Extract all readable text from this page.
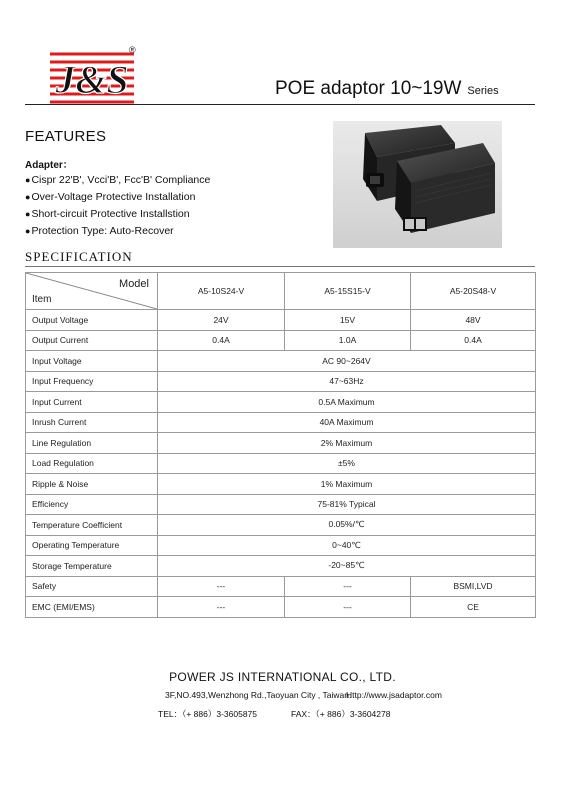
J&S
®
POE adaptor 10~19W Series
FEATURES
Adapter：
●Cispr 22'B', Vcci'B', Fcc'B' Compliance
●Over-Voltage Protective Installation
●Short-circuit Protective Installstion
●Protection Type: Auto-Recover
SPECIFICATION
Model
Item	A5-10S24-V	A5-15S15-V	A5-20S48-V
Output Voltage	24V	15V	48V
Output Current	0.4A	1.0A	0.4A
Input Voltage	AC 90~264V		
Input Frequency	47~63Hz		
Input Current	0.5A Maximum		
Inrush Current	40A Maximum		
Line Regulation	2% Maximum		
Load Regulation	±5%		
Ripple & Noise	1% Maximum		
Efficiency	75-81% Typical		
Temperature Coefficient	0.05%/℃		
Operating Temperature	0~40℃		
Storage Temperature	-20~85℃		
Safety	---	---	BSMI,LVD
EMC (EMI/EMS)	---	---	CE
POWER JS INTERNATIONAL CO., LTD.
3F,NO.493,Wenzhong Rd.,Taoyuan City , Taiwan.
Http://www.jsadaptor.com
TEL：（+ 886）3-3605875	FAX：（+ 886）3-3604278
